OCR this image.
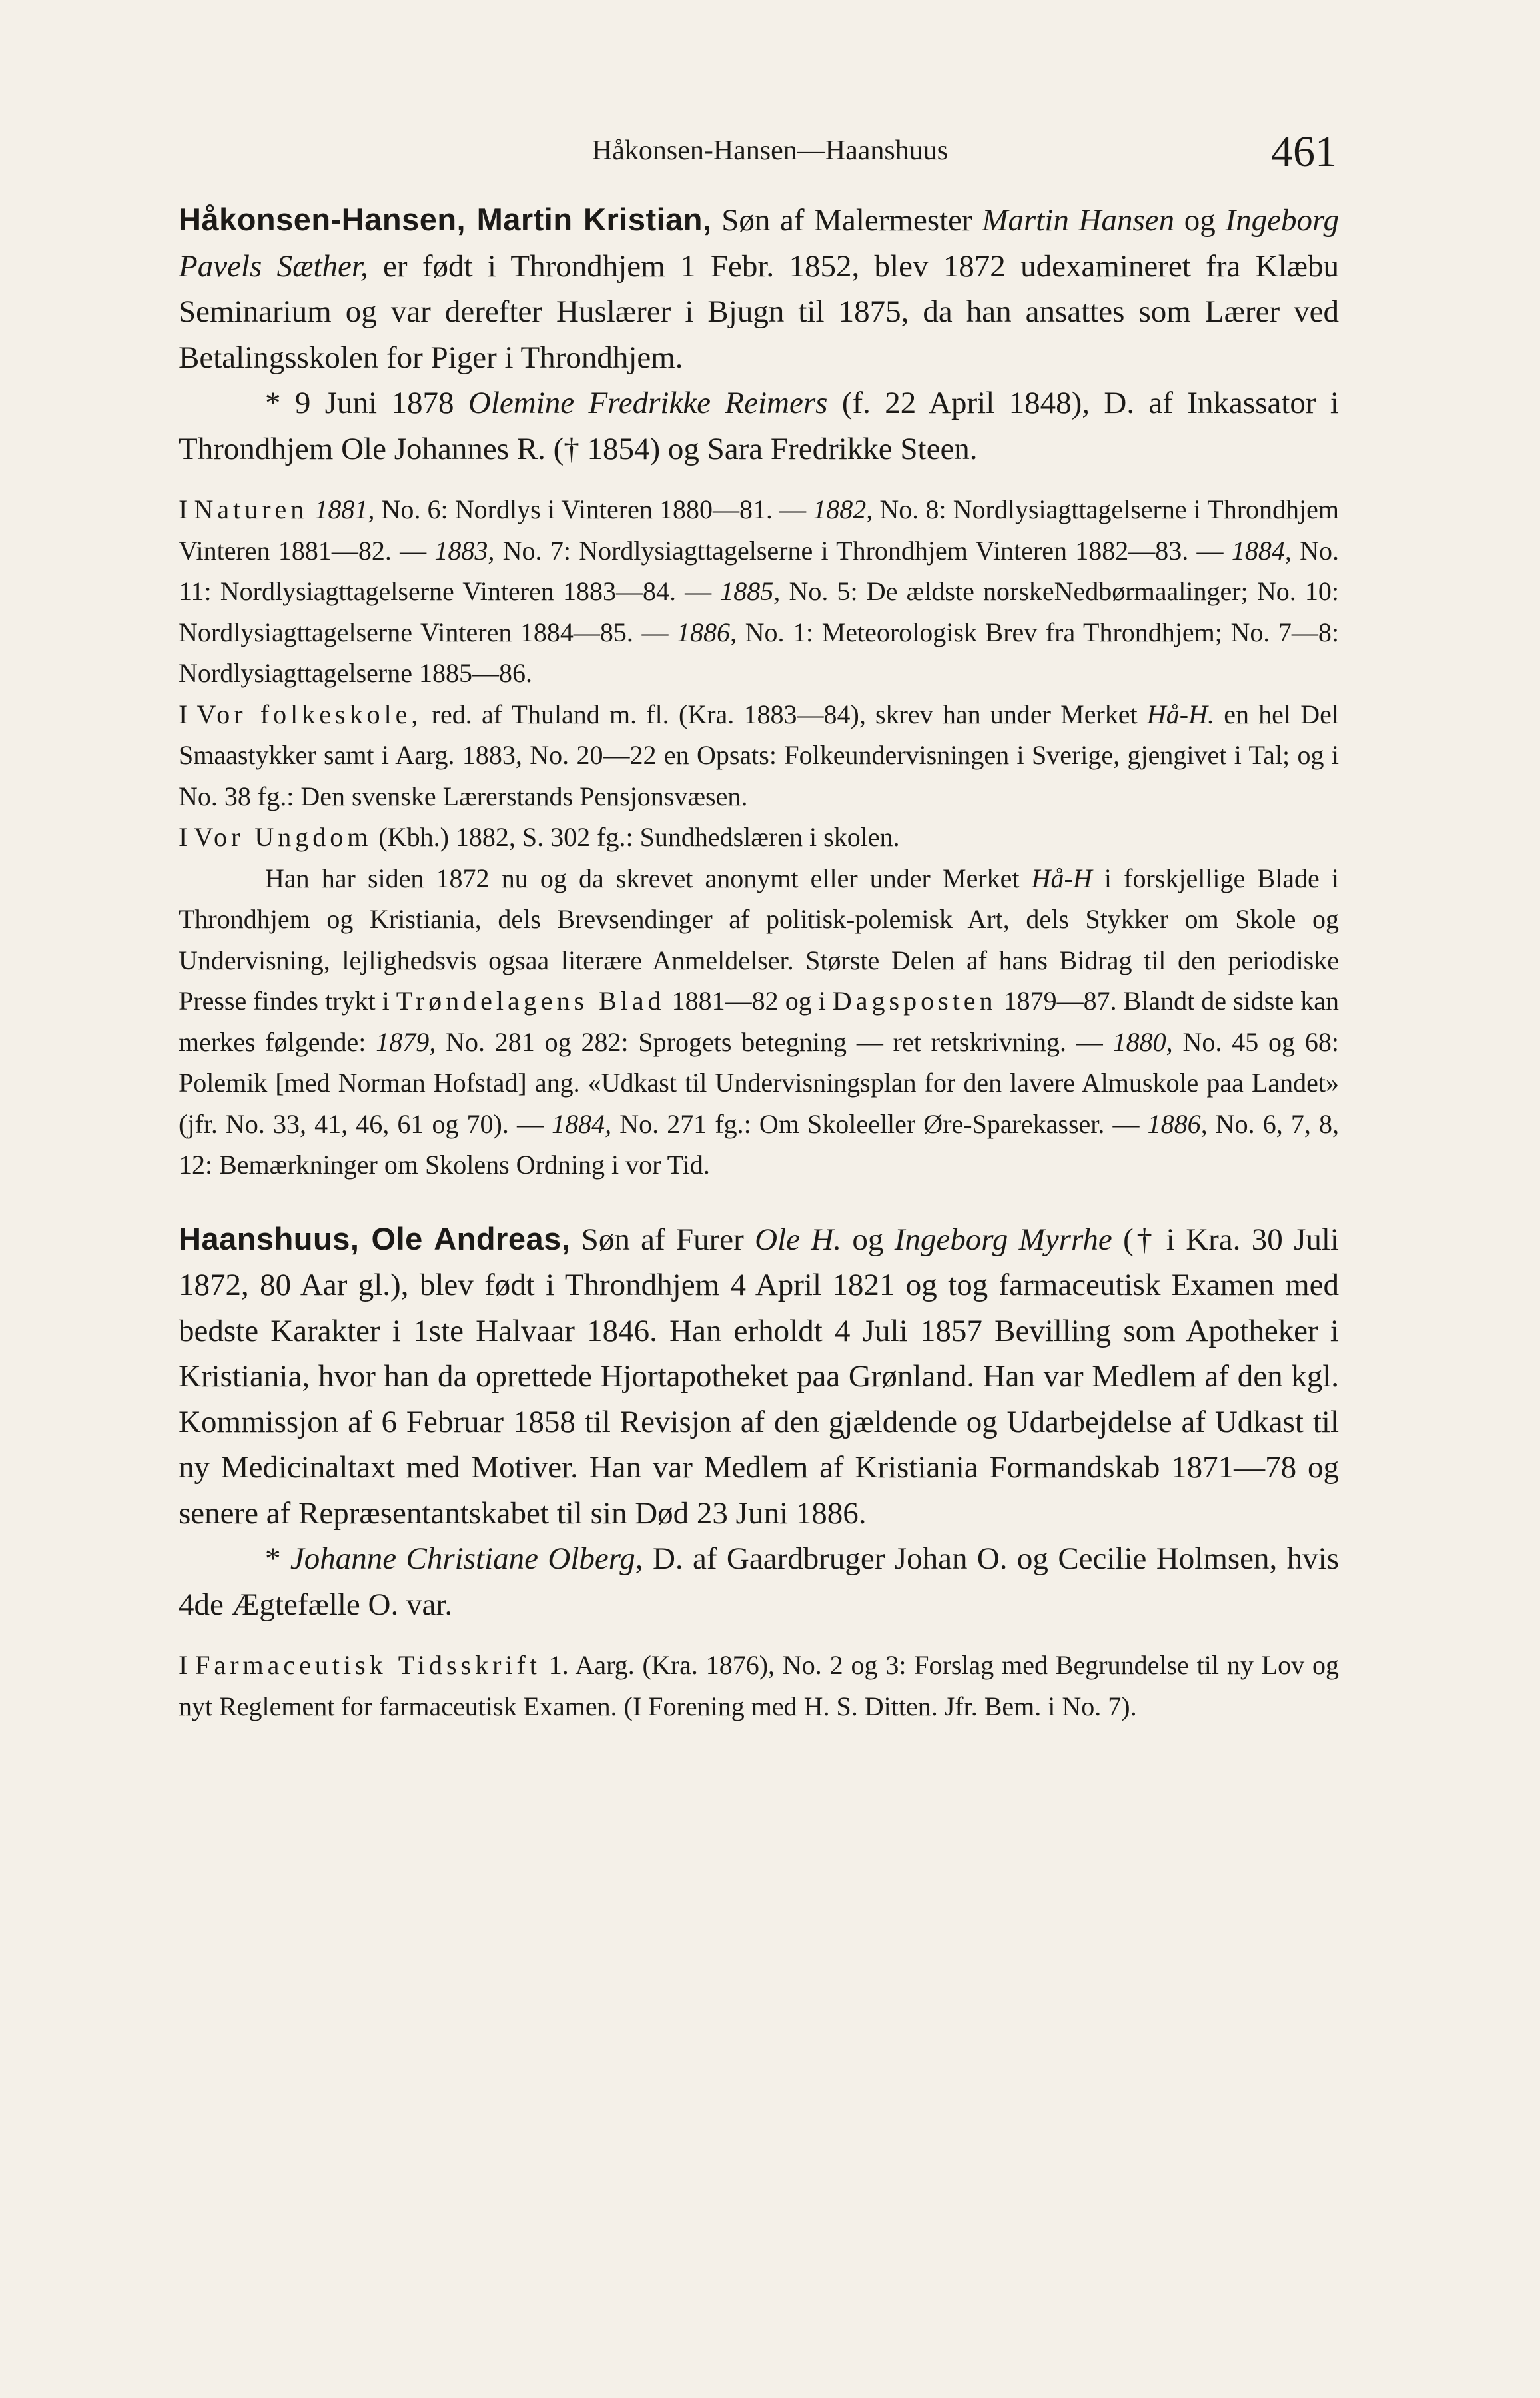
Håkonsen-Hansen—Haanshuus	461

Håkonsen-Hansen, Martin Kristian, Søn af Malermester Martin Hansen og Ingeborg Pavels Sæther, er født i Throndhjem 1 Febr. 1852, blev 1872 udexamineret fra Klæbu Seminarium og var derefter Huslærer i Bjugn til 1875, da han ansattes som Lærer ved Betalingsskolen for Piger i Throndhjem.

* 9 Juni 1878 Olemine Fredrikke Reimers (f. 22 April 1848), D. af Inkassator i Throndhjem Ole Johannes R. († 1854) og Sara Fredrikke Steen.

I Naturen 1881, No. 6: Nordlys i Vinteren 1880—81. — 1882, No. 8: Nordlysiagttagelserne i Throndhjem Vinteren 1881—82. — 1883, No. 7: Nordlysiagttagelserne i Throndhjem Vinteren 1882—83. — 1884, No. 11: Nordlysiagttagelserne Vinteren 1883—84. — 1885, No. 5: De ældste norskeNedbørmaalinger; No. 10: Nordlysiagttagelserne Vinteren 1884—85. — 1886, No. 1: Meteorologisk Brev fra Throndhjem; No. 7—8: Nordlysiagttagelserne 1885—86.

I Vor folkeskole, red. af Thuland m. fl. (Kra. 1883—84), skrev han under Merket Hå-H. en hel Del Smaastykker samt i Aarg. 1883, No. 20—22 en Opsats: Folkeundervisningen i Sverige, gjengivet i Tal; og i No. 38 fg.: Den svenske Lærerstands Pensjonsvæsen.

I Vor Ungdom (Kbh.) 1882, S. 302 fg.: Sundhedslæren i skolen.

Han har siden 1872 nu og da skrevet anonymt eller under Merket Hå-H i forskjellige Blade i Throndhjem og Kristiania, dels Brevsendinger af politisk-polemisk Art, dels Stykker om Skole og Undervisning, lejlighedsvis ogsaa literære Anmeldelser. Største Delen af hans Bidrag til den periodiske Presse findes trykt i Trøndelagens Blad 1881—82 og i Dagsposten 1879—87. Blandt de sidste kan merkes følgende: 1879, No. 281 og 282: Sprogets betegning — ret retskrivning. — 1880, No. 45 og 68: Polemik [med Norman Hofstad] ang. «Udkast til Undervisningsplan for den lavere Almuskole paa Landet» (jfr. No. 33, 41, 46, 61 og 70). — 1884, No. 271 fg.: Om Skoleeller Øre-Sparekasser. — 1886, No. 6, 7, 8, 12: Bemærkninger om Skolens Ordning i vor Tid.

Haanshuus, Ole Andreas, Søn af Furer Ole H. og Ingeborg Myrrhe († i Kra. 30 Juli 1872, 80 Aar gl.), blev født i Throndhjem 4 April 1821 og tog farmaceutisk Examen med bedste Karakter i 1ste Halvaar 1846. Han erholdt 4 Juli 1857 Bevilling som Apotheker i Kristiania, hvor han da oprettede Hjortapotheket paa Grønland. Han var Medlem af den kgl. Kommissjon af 6 Februar 1858 til Revisjon af den gjældende og Udarbejdelse af Udkast til ny Medicinaltaxt med Motiver. Han var Medlem af Kristiania Formandskab 1871—78 og senere af Repræsentantskabet til sin Død 23 Juni 1886.

* Johanne Christiane Olberg, D. af Gaardbruger Johan O. og Cecilie Holmsen, hvis 4de Ægtefælle O. var.

I Farmaceutisk Tidsskrift 1. Aarg. (Kra. 1876), No. 2 og 3: Forslag med Begrundelse til ny Lov og nyt Reglement for farmaceutisk Examen. (I Forening med H. S. Ditten. Jfr. Bem. i No. 7).
